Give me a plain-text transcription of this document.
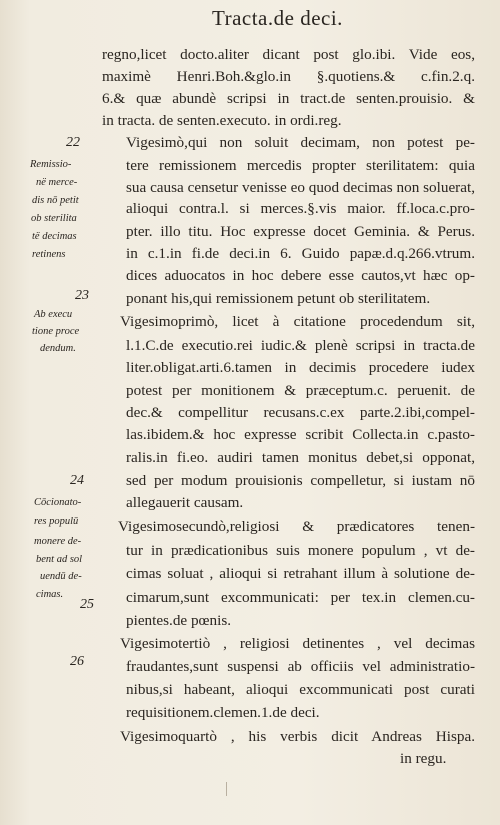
Tracta.de deci.
regno,licet docto.aliter dicant post glo.ibi. Vide eos,
maximè Henri.Boh.&glo.in §.quotiens.& c.fin.2.q.
6.& quæ abundè scripsi in tract.de senten.prouisio. &
in tracta. de senten.executo. in ordi.reg.
Vigesimò,qui non soluit decimam, non potest pe-
tere remissionem mercedis propter sterilitatem: quia
sua causa censetur venisse eo quod decimas non soluerat,
alioqui contra.l. si merces.§.vis maior. ff.loca.c.pro-
pter. illo titu. Hoc expresse docet Geminia. & Perus.
in c.1.in fi.de deci.in 6. Guido papæ.d.q.266.vtrum.
dices aduocatos in hoc debere esse cautos,vt hæc op-
ponant his,qui remissionem petunt ob sterilitatem.
Vigesimoprimò, licet à citatione procedendum sit,
l.1.C.de executio.rei iudic.& plenè scripsi in tracta.de
liter.obligat.arti.6.tamen in decimis procedere iudex
potest per monitionem & præceptum.c. peruenit. de
dec.& compellitur recusans.c.ex parte.2.ibi,compel-
las.ibidem.& hoc expresse scribit Collecta.in c.pasto-
ralis.in fi.eo. audiri tamen monitus debet,si opponat,
sed per modum prouisionis compelletur, si iustam nō
allegauerit causam.
Vigesimosecundò,religiosi & prædicatores tenen-
tur in prædicationibus suis monere populum , vt de-
cimas soluat , alioqui si retrahant illum à solutione de-
cimarum,sunt excommunicati: per tex.in clemen.cu-
pientes.de pœnis.
Vigesimotertiò , religiosi detinentes , vel decimas
fraudantes,sunt suspensi ab officiis vel administratio-
nibus,si habeant, alioqui excommunicati post curati
requisitionem.clemen.1.de deci.
Vigesimoquartò , his verbis dicit Andreas Hispa.
in regu.
22
23
24
25
26
Remissio-
në merce-
dis nō petit
ob sterilita
të decimas
retinens
Ab execu
tione proce
dendum.
Cōcionato-
res populū
monere de-
bent ad sol
uendū de-
cimas.
